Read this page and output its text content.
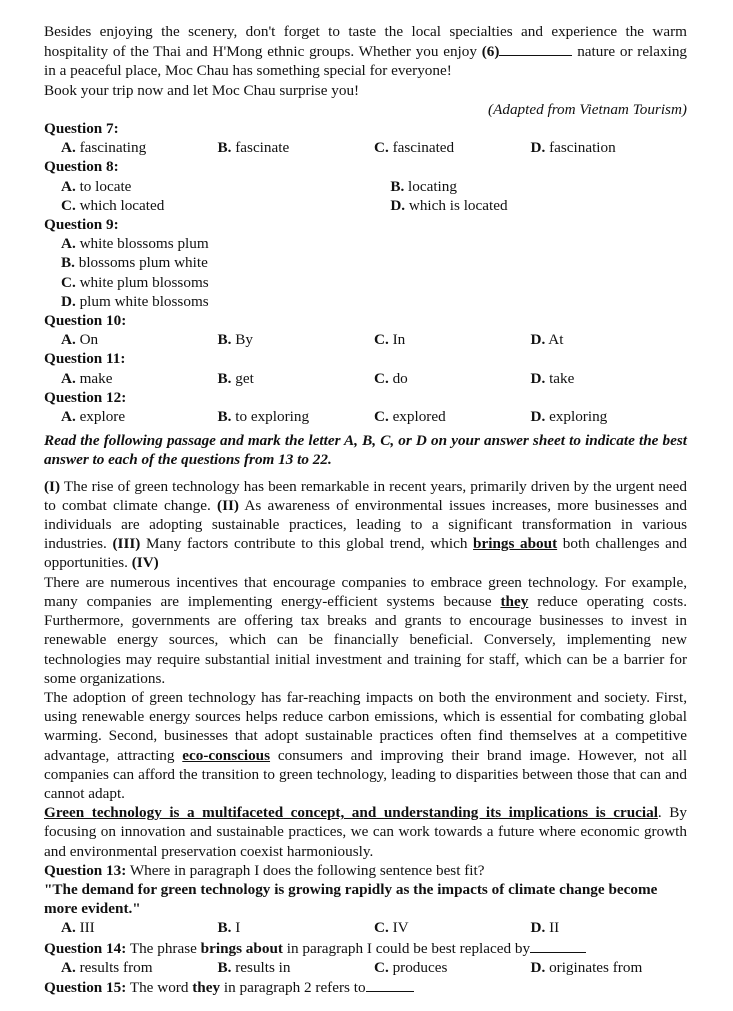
Besides enjoying the scenery, don't forget to taste the local specialties and experience the warm hospitality of the Thai and H'Mong ethnic groups. Whether you enjoy (6)	nature or relaxing in a peaceful place, Moc Chau has something special for everyone!

Book your trip now and let Moc Chau surprise you!

(Adapted from Vietnam Tourism)

Question 7:
A. fascinating	B. fascinate	C. fascinated	D. fascination
Question 8:
A. to locate	B. locating
C. which located	D. which is located
Question 9:
A. white blossoms plum
B. blossoms plum white
C. white plum blossoms
D. plum white blossoms
Question 10:
A. On	B. By	C. In	D. At
Question 11:
A. make	B. get	C. do	D. take
Question 12:
A. explore	B. to exploring	C. explored	D. exploring

Read the following passage and mark the letter A, B, C, or D on your answer sheet to indicate the best answer to each of the questions from 13 to 22.

(I) The rise of green technology has been remarkable in recent years, primarily driven by the urgent need to combat climate change. (II) As awareness of environmental issues increases, more businesses and individuals are adopting sustainable practices, leading to a significant transformation in various industries. (III) Many factors contribute to this global trend, which brings about both challenges and opportunities. (IV)

There are numerous incentives that encourage companies to embrace green technology. For example, many companies are implementing energy-efficient systems because they reduce operating costs. Furthermore, governments are offering tax breaks and grants to encourage businesses to invest in renewable energy sources, which can be financially beneficial. Conversely, implementing new technologies may require substantial initial investment and training for staff, which can be a barrier for some organizations.

The adoption of green technology has far-reaching impacts on both the environment and society. First, using renewable energy sources helps reduce carbon emissions, which is essential for combating global warming. Second, businesses that adopt sustainable practices often find themselves at a competitive advantage, attracting eco-conscious consumers and improving their brand image. However, not all companies can afford the transition to green technology, leading to disparities between those that can and cannot adapt.

Green technology is a multifaceted concept, and understanding its implications is crucial. By focusing on innovation and sustainable practices, we can work towards a future where economic growth and environmental preservation coexist harmoniously.

Question 13: Where in paragraph I does the following sentence best fit?

"The demand for green technology is growing rapidly as the impacts of climate change become more evident."

A. III	B. I	C. IV	D. II

Question 14: The phrase brings about in paragraph I could be best replaced by

A. results from	B. results in	C. produces	D. originates from

Question 15: The word they in paragraph 2 refers to
